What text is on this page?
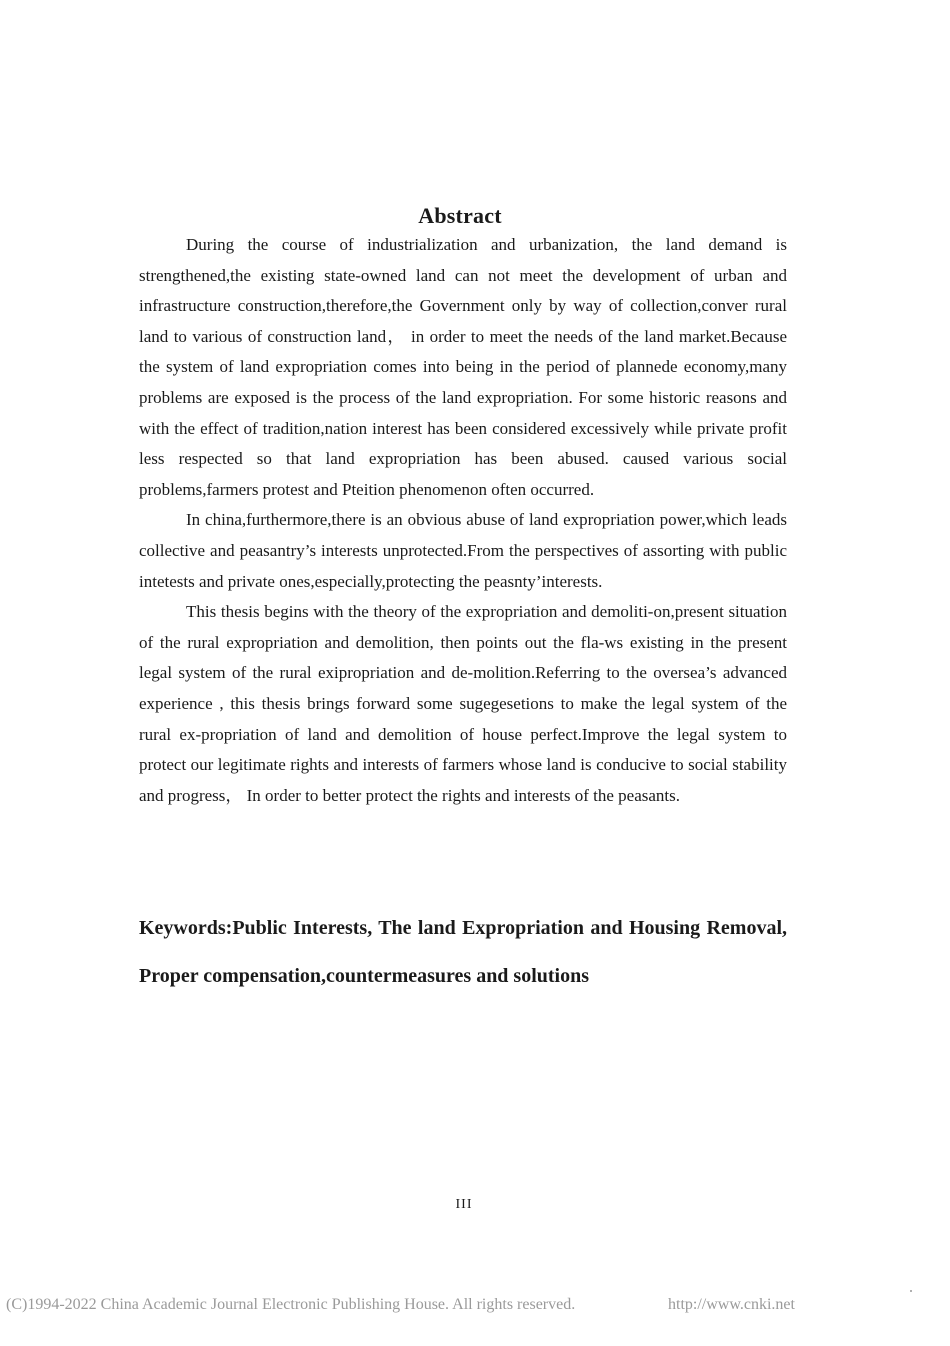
Abstract

During the course of industrialization and urbanization, the land demand is strengthened,the existing state-owned land can not meet the development of urban and infrastructure construction,therefore,the Government only by way of collection,conver rural land to various of construction land， in order to meet the needs of the land market.Because the system of land expropriation comes into being in the period of plannede economy,many problems are exposed is the process of the land expropriation. For some historic reasons and with the effect of tradition,nation interest has been considered excessively while private profit less respected so that land expropriation has been abused. caused various social problems,farmers protest and Pteition phenomenon often occurred.

In china,furthermore,there is an obvious abuse of land expropriation power,which leads collective and peasantry’s interests unprotected.From the perspectives of assorting with public intetests and private ones,especially,protecting the peasnty’interests.

This thesis begins with the theory of the expropriation and demoliti-on,present situation of the rural expropriation and demolition, then points out the fla-ws existing in the present legal system of the rural exipropriation and de-molition.Referring to the oversea’s advanced experience , this thesis brings forward some sugegesetions to make the legal system of the rural ex-propriation of land and demolition of house perfect.Improve the legal system to protect our legitimate rights and interests of farmers whose land is conducive to social stability and progress， In order to better protect the rights and interests of the peasants.

Keywords:Public Interests, The land Expropriation and Housing Removal, Proper compensation,countermeasures and solutions
III
(C)1994-2022 China Academic Journal Electronic Publishing House. All rights reserved.	http://www.cnki.net
